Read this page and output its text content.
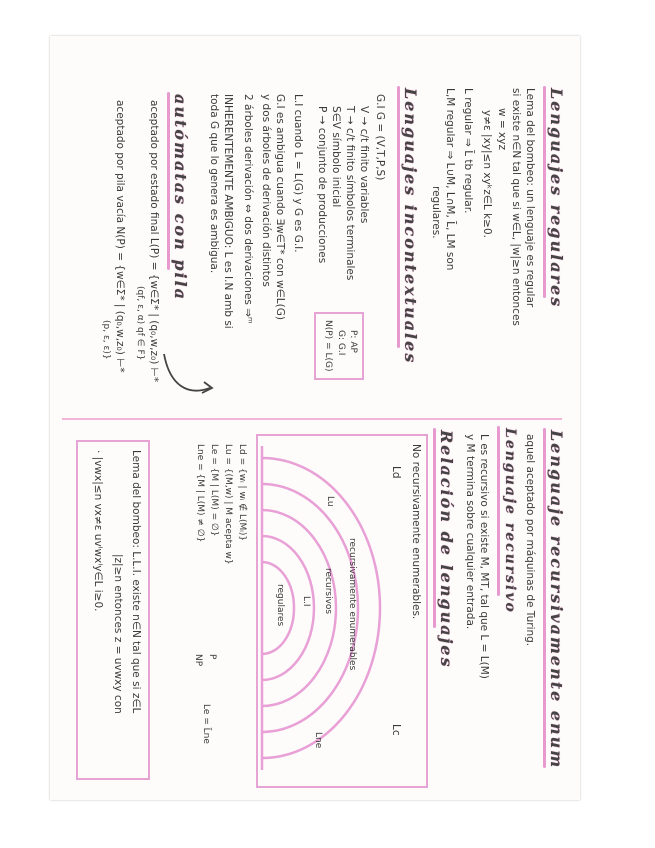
Lenguajes regulares
Lema del bombeo: un lenguaje es regular
si existe n∈N tal que si w∈L, |w|≥n entonces
w = xyz
y≠ε |xy|≤n xyᵏz∈L k≥0.
L regular ⇒ L̄ tb regular.
L,M regular ⇒ L∪M, L∩M, L̄, LM son
regulares.
Lenguajes incontextuales
G.I G = (V,T,P,S)
V → c/t finito variables
T → c/t finito símbolos terminales
S∈V símbolo inicial
P → conjunto de producciones
P: AP
G: G.I
N(P) = L(G)
L.I cuando L = L(G) y G es G.I.
G.I es ambigua cuando ∃w∈T* con w∈L(G)
y dos árboles de derivación distintos
2 árboles derivación ⇔ dos derivaciones ⇒ᵐ
INHERENTEMENTE AMBIGUO: L es I.N amb si
toda G que lo genera es ambigua.
autómatas con pila
aceptado por estado final L(P) = {w∈Σ* | (q₀,w,z₀) ⊢*
(qf, ε, α) qf ∈ F}
aceptado por pila vacía N(P) = {w∈Σ* | (q₀,w,z₀) ⊢*
(p, ε, ε)}
Lenguaje recursivamente enum
aquel aceptado por máquinas de Turing.
Lenguaje recursivo
L es recursivo si existe M, MT, tal que L = L(M)
y M termina sobre cualquier entrada.
Relación de lenguajes
No recursivamente enumerables.
Ld
Lc
recursivamente enumerables
recursivos
L.I
regulares
Lu
Lne
Ld = {wᵢ | wᵢ ∉ L(Mᵢ)}
Lu = {(M,w) | M acepta w}
Le = {M | L(M) = ∅}
Lne = {M | L(M) ≠ ∅}
P
NP
Le = L̄ne
Lema del bombeo: L.L.I. existe n∈N tal que si z∈L
|z|≥n entonces z = uvwxy con
· |vwx|≤n vx≠ε uvⁱwxⁱy∈L i≥0.
